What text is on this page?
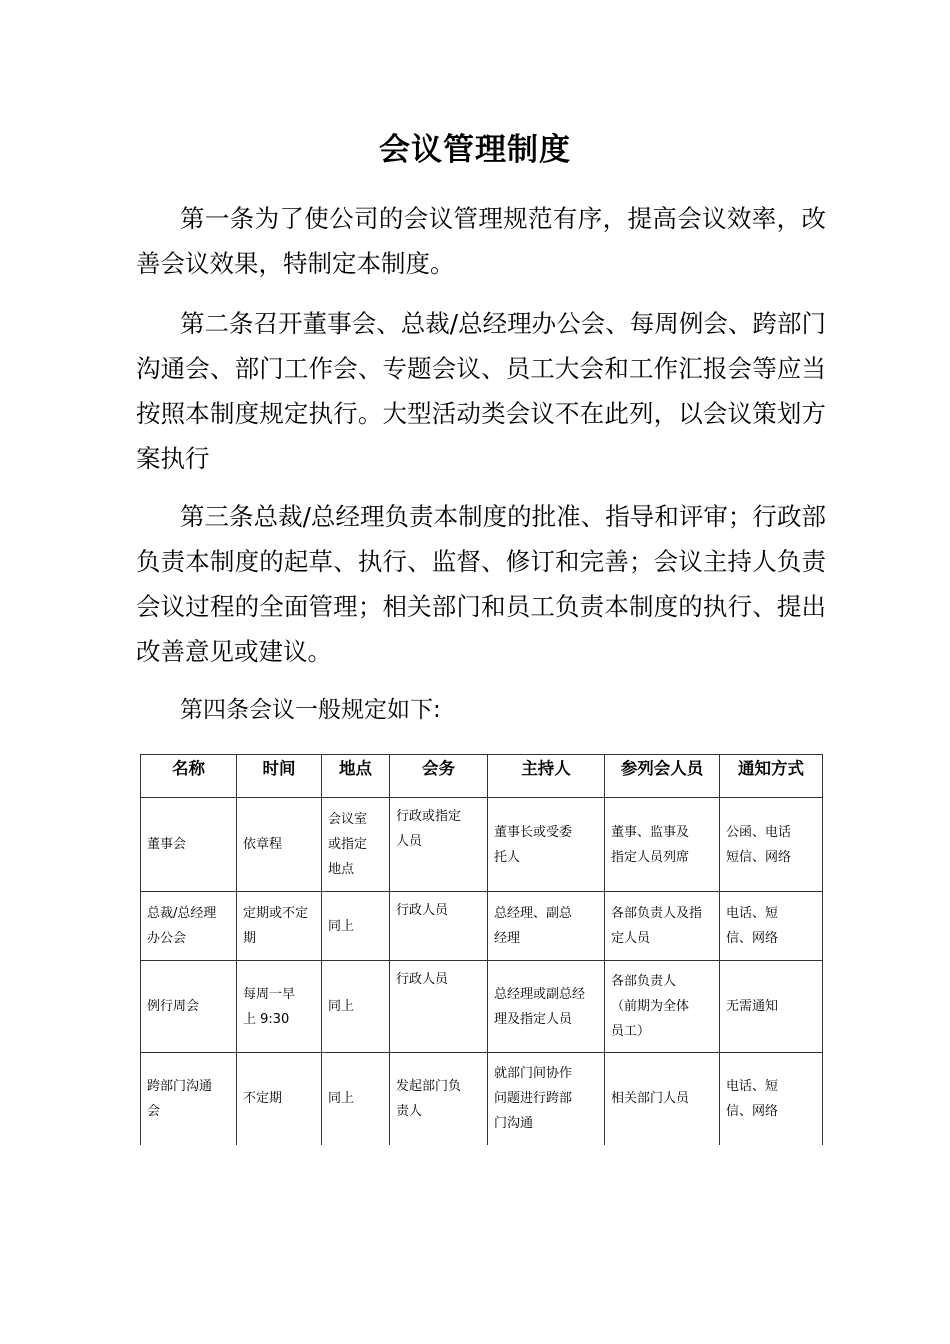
会议管理制度

第一条为了使公司的会议管理规范有序，提高会议效率，改善会议效果，特制定本制度。

第二条召开董事会、总裁/总经理办公会、每周例会、跨部门沟通会、部门工作会、专题会议、员工大会和工作汇报会等应当按照本制度规定执行。大型活动类会议不在此列，以会议策划方案执行

第三条总裁/总经理负责本制度的批准、指导和评审；行政部负责本制度的起草、执行、监督、修订和完善；会议主持人负责会议过程的全面管理；相关部门和员工负责本制度的执行、提出改善意见或建议。

第四条会议一般规定如下:

名称	时间	地点	会务	主持人	参列会人员	通知方式

董事会	依章程	会议室
或指定
地点	行政或指定
人员	董事长或受委
托人	董事、监事及
指定人员列席	公函、电话
短信、网络

总裁/总经理
办公会	定期或不定
期	同上	行政人员	总经理、副总
经理	各部负责人及指
定人员	电话、短
信、网络

例行周会	每周一早
上 9:30	同上	行政人员	总经理或副总经
理及指定人员	各部负责人
（前期为全体
员工）	无需通知

跨部门沟通
会	不定期	同上	发起部门负
责人	就部门间协作
问题进行跨部
门沟通	相关部门人员	电话、短
信、网络
